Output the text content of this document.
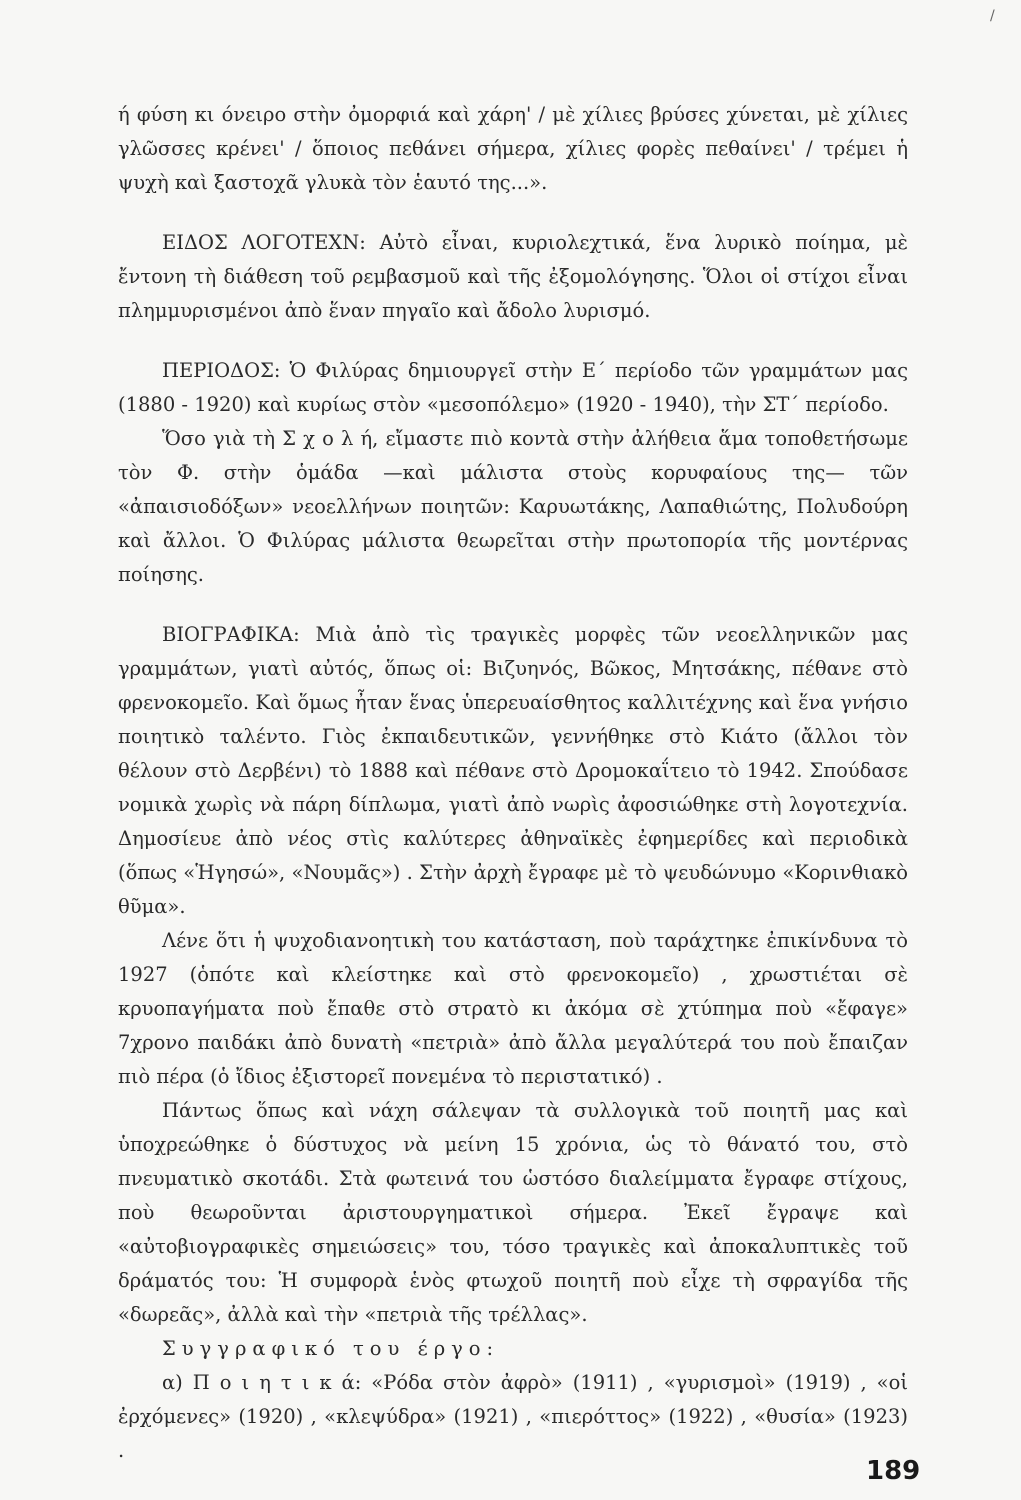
/

ή φύση κι όνειρο στὴν ὀμορφιά καὶ χάρη' / μὲ χίλιες βρύσες χύνεται, μὲ χίλιες γλῶσσες κρένει' / ὅποιος πεθάνει σήμερα, χίλιες φορὲς πεθαίνει' / τρέμει ἡ ψυχὴ καὶ ξαστοχᾶ γλυκὰ τὸν ἑαυτό της...».

ΕΙΔΟΣ ΛΟΓΟΤΕΧΝ: Αὐτὸ εἶναι, κυριολεχτικά, ἕνα λυρικὸ ποίημα, μὲ ἔντονη τὴ διάθεση τοῦ ρεμβασμοῦ καὶ τῆς ἐξομολόγησης. Ὅλοι οἱ στίχοι εἶναι πλημμυρισμένοι ἀπὸ ἕναν πηγαῖο καὶ ἄδολο λυρισμό.

ΠΕΡΙΟΔΟΣ: Ὁ Φιλύρας δημιουργεῖ στὴν Ε΄ περίοδο τῶν γραμμάτων μας (1880 - 1920) καὶ κυρίως στὸν «μεσοπόλεμο» (1920 - 1940), τὴν ΣΤ΄ περίοδο.

Ὅσο γιὰ τὴ Σ χ ο λ ή, εἴμαστε πιὸ κοντὰ στὴν ἀλήθεια ἅμα τοποθετήσωμε τὸν Φ. στὴν ὁμάδα —καὶ μάλιστα στοὺς κορυφαίους της— τῶν «ἀπαισιοδόξων» νεοελλήνων ποιητῶν: Καρυωτάκης, Λαπαθιώτης, Πολυδούρη καὶ ἄλλοι. Ὁ Φιλύρας μάλιστα θεωρεῖται στὴν πρωτοπορία τῆς μοντέρνας ποίησης.

ΒΙΟΓΡΑΦΙΚΑ: Μιὰ ἀπὸ τὶς τραγικὲς μορφὲς τῶν νεοελληνικῶν μας γραμμάτων, γιατὶ αὐτός, ὅπως οἱ: Βιζυηνός, Βῶκος, Μητσάκης, πέθανε στὸ φρενοκομεῖο. Καὶ ὅμως ἦταν ἕνας ὑπερευαίσθητος καλλιτέχνης καὶ ἕνα γνήσιο ποιητικὸ ταλέντο. Γιὸς ἐκπαιδευτικῶν, γεννήθηκε στὸ Κιάτο (ἄλλοι τὸν θέλουν στὸ Δερβένι) τὸ 1888 καὶ πέθανε στὸ Δρομοκαΐτειο τὸ 1942. Σπούδασε νομικὰ χωρὶς νὰ πάρη δίπλωμα, γιατὶ ἀπὸ νωρὶς ἀφοσιώθηκε στὴ λογοτεχνία. Δημοσίευε ἀπὸ νέος στὶς καλύτερες ἀθηναϊκὲς ἐφημερίδες καὶ περιοδικὰ (ὅπως «Ἡγησώ», «Νουμᾶς») . Στὴν ἀρχὴ ἔγραφε μὲ τὸ ψευδώνυμο «Κορινθιακὸ θῦμα».

Λένε ὅτι ἡ ψυχοδιανοητικὴ του κατάσταση, ποὺ ταράχτηκε ἐπικίνδυνα τὸ 1927 (ὁπότε καὶ κλείστηκε καὶ στὸ φρενοκομεῖο) , χρωστιέται σὲ κρυοπαγήματα ποὺ ἔπαθε στὸ στρατὸ κι ἀκόμα σὲ χτύπημα ποὺ «ἔφαγε» 7χρονο παιδάκι ἀπὸ δυνατὴ «πετριὰ» ἀπὸ ἄλλα μεγαλύτερά του ποὺ ἔπαιζαν πιὸ πέρα (ὁ ἴδιος ἐξιστορεῖ πονεμένα τὸ περιστατικό) .

Πάντως ὅπως καὶ νάχη σάλεψαν τὰ συλλογικὰ τοῦ ποιητῆ μας καὶ ὑποχρεώθηκε ὁ δύστυχος νὰ μείνη 15 χρόνια, ὡς τὸ θάνατό του, στὸ πνευματικὸ σκοτάδι. Στὰ φωτεινά του ὡστόσο διαλείμματα ἔγραφε στίχους, ποὺ θεωροῦνται ἀριστουργηματικοὶ σήμερα. Ἐκεῖ ἔγραψε καὶ «αὐτοβιογραφικὲς σημειώσεις» του, τόσο τραγικὲς καὶ ἀποκαλυπτικὲς τοῦ δράματός του: Ἡ συμφορὰ ἑνὸς φτωχοῦ ποιητῆ ποὺ εἶχε τὴ σφραγίδα τῆς «δωρεᾶς», ἀλλὰ καὶ τὴν «πετριὰ τῆς τρέλλας».

Συγγραφικό του έργο:

α) Π ο ι η τ ι κ ά: «Ρόδα στὸν ἀφρὸ» (1911) , «γυρισμοὶ» (1919) , «οἱ ἐρχόμενες» (1920) , «κλεψύδρα» (1921) , «πιερόττος» (1922) , «θυσία» (1923) .

189
